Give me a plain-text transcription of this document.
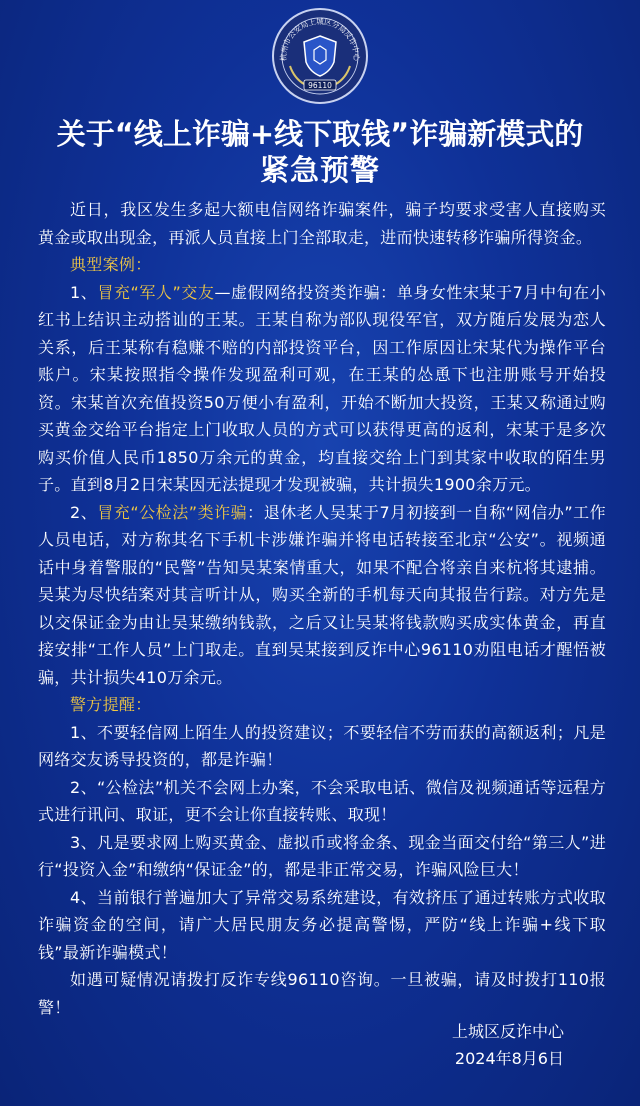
杭州市公安局上城区分局反诈中心
96110
关于“线上诈骗+线下取钱”诈骗新模式的
紧急预警

近日，我区发生多起大额电信网络诈骗案件，骗子均要求受害人直接购买黄金或取出现金，再派人员直接上门全部取走，进而快速转移诈骗所得资金。

典型案例：

1、冒充“军人”交友—虚假网络投资类诈骗：单身女性宋某于7月中旬在小红书上结识主动搭讪的王某。王某自称为部队现役军官，双方随后发展为恋人关系，后王某称有稳赚不赔的内部投资平台，因工作原因让宋某代为操作平台账户。宋某按照指令操作发现盈利可观，在王某的怂恿下也注册账号开始投资。宋某首次充值投资50万便小有盈利，开始不断加大投资，王某又称通过购买黄金交给平台指定上门收取人员的方式可以获得更高的返利，宋某于是多次购买价值人民币1850万余元的黄金，均直接交给上门到其家中收取的陌生男子。直到8月2日宋某因无法提现才发现被骗，共计损失1900余万元。

2、冒充“公检法”类诈骗：退休老人吴某于7月初接到一自称“网信办”工作人员电话，对方称其名下手机卡涉嫌诈骗并将电话转接至北京“公安”。视频通话中身着警服的“民警”告知吴某案情重大，如果不配合将亲自来杭将其逮捕。吴某为尽快结案对其言听计从，购买全新的手机每天向其报告行踪。对方先是以交保证金为由让吴某缴纳钱款，之后又让吴某将钱款购买成实体黄金，再直接安排“工作人员”上门取走。直到吴某接到反诈中心96110劝阻电话才醒悟被骗，共计损失410万余元。

警方提醒：

1、不要轻信网上陌生人的投资建议；不要轻信不劳而获的高额返利；凡是网络交友诱导投资的，都是诈骗！

2、“公检法”机关不会网上办案，不会采取电话、微信及视频通话等远程方式进行讯问、取证，更不会让你直接转账、取现！

3、凡是要求网上购买黄金、虚拟币或将金条、现金当面交付给“第三人”进行“投资入金”和缴纳“保证金”的，都是非正常交易，诈骗风险巨大！

4、当前银行普遍加大了异常交易系统建设，有效挤压了通过转账方式收取诈骗资金的空间，请广大居民朋友务必提高警惕，严防“线上诈骗+线下取钱”最新诈骗模式！

如遇可疑情况请拨打反诈专线96110咨询。一旦被骗，请及时拨打110报警！

上城区反诈中心
2024年8月6日
